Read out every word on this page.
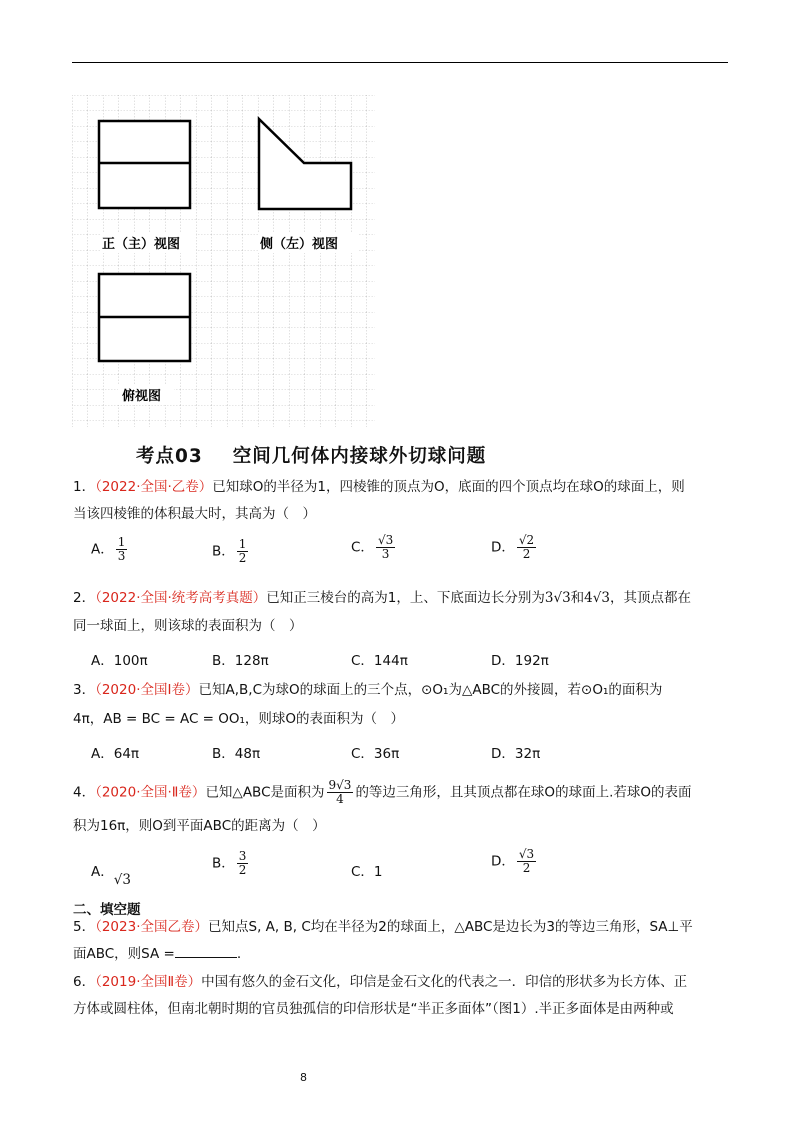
正（主）视图	侧（左）视图
俯视图
考点03 空间几何体内接球外切球问题
1．（2022·全国·乙卷）已知球O的半径为1，四棱锥的顶点为O，底面的四个顶点均在球O的球面上，则
当该四棱锥的体积最大时，其高为（　）
A． $\frac{1}{3}$	B． $\frac{1}{2}$	C． $\frac{√3}{3}$	D． $\frac{√2}{2}$
2．（2022·全国·统考高考真题）已知正三棱台的高为1，上、下底面边长分别为3√3和4√3，其顶点都在
同一球面上，则该球的表面积为（　）
A．100π	B．128π	C．144π	D．192π
3．（2020·全国Ⅰ卷）已知A,B,C为球O的球面上的三个点，⊙O₁为△ABC的外接圆，若⊙O₁的面积为
4π，AB = BC = AC = OO₁，则球O的表面积为（　）
A．64π	B．48π	C．36π	D．32π
4．（2020·全国·Ⅱ卷）已知△ABC是面积为 $\frac{9√3}{4}$ 的等边三角形，且其顶点都在球O的球面上.若球O的表面
积为16π，则O到平面ABC的距离为（　）
A．√3
B． $\frac{3}{2}$	C．1
D． $\frac{√3}{2}$
二、填空题
5．（2023·全国乙卷）已知点S, A, B, C均在半径为2的球面上，△ABC是边长为3的等边三角形，SA⊥平
面ABC，则SA =	.
6．（2019·全国Ⅱ卷）中国有悠久的金石文化，印信是金石文化的代表之一．印信的形状多为长方体、正
方体或圆柱体，但南北朝时期的官员独孤信的印信形状是“半正多面体”（图1）.半正多面体是由两种或
8
